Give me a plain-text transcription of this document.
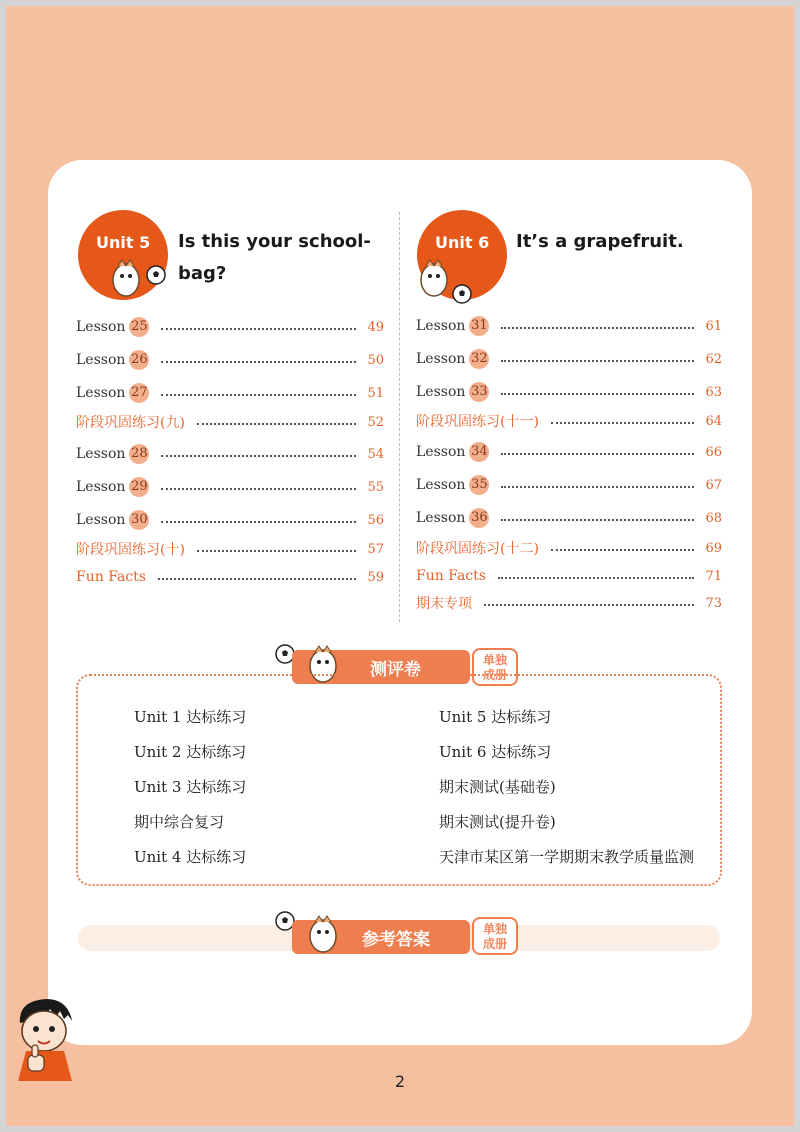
Unit 5 Is this your school-
bag?
Unit 6 It’s a grapefruit.
Lesson 25	49
Lesson 26	50
Lesson 27	51
阶段巩固练习(九)	52
Lesson 28	54
Lesson 29	55
Lesson 30	56
阶段巩固练习(十)	57
Fun Facts	59
Lesson 31	61
Lesson 32	62
Lesson 33	63
阶段巩固练习(十一)	64
Lesson 34	66
Lesson 35	67
Lesson 36	68
阶段巩固练习(十二)	69
Fun Facts	71
期末专项	73
测评卷	单独
成册
Unit 1 达标练习
Unit 2 达标练习
Unit 3 达标练习
期中综合复习
Unit 4 达标练习
Unit 5 达标练习
Unit 6 达标练习
期末测试(基础卷)
期末测试(提升卷)
天津市某区第一学期期末教学质量监测
参考答案
单独
成册
2
